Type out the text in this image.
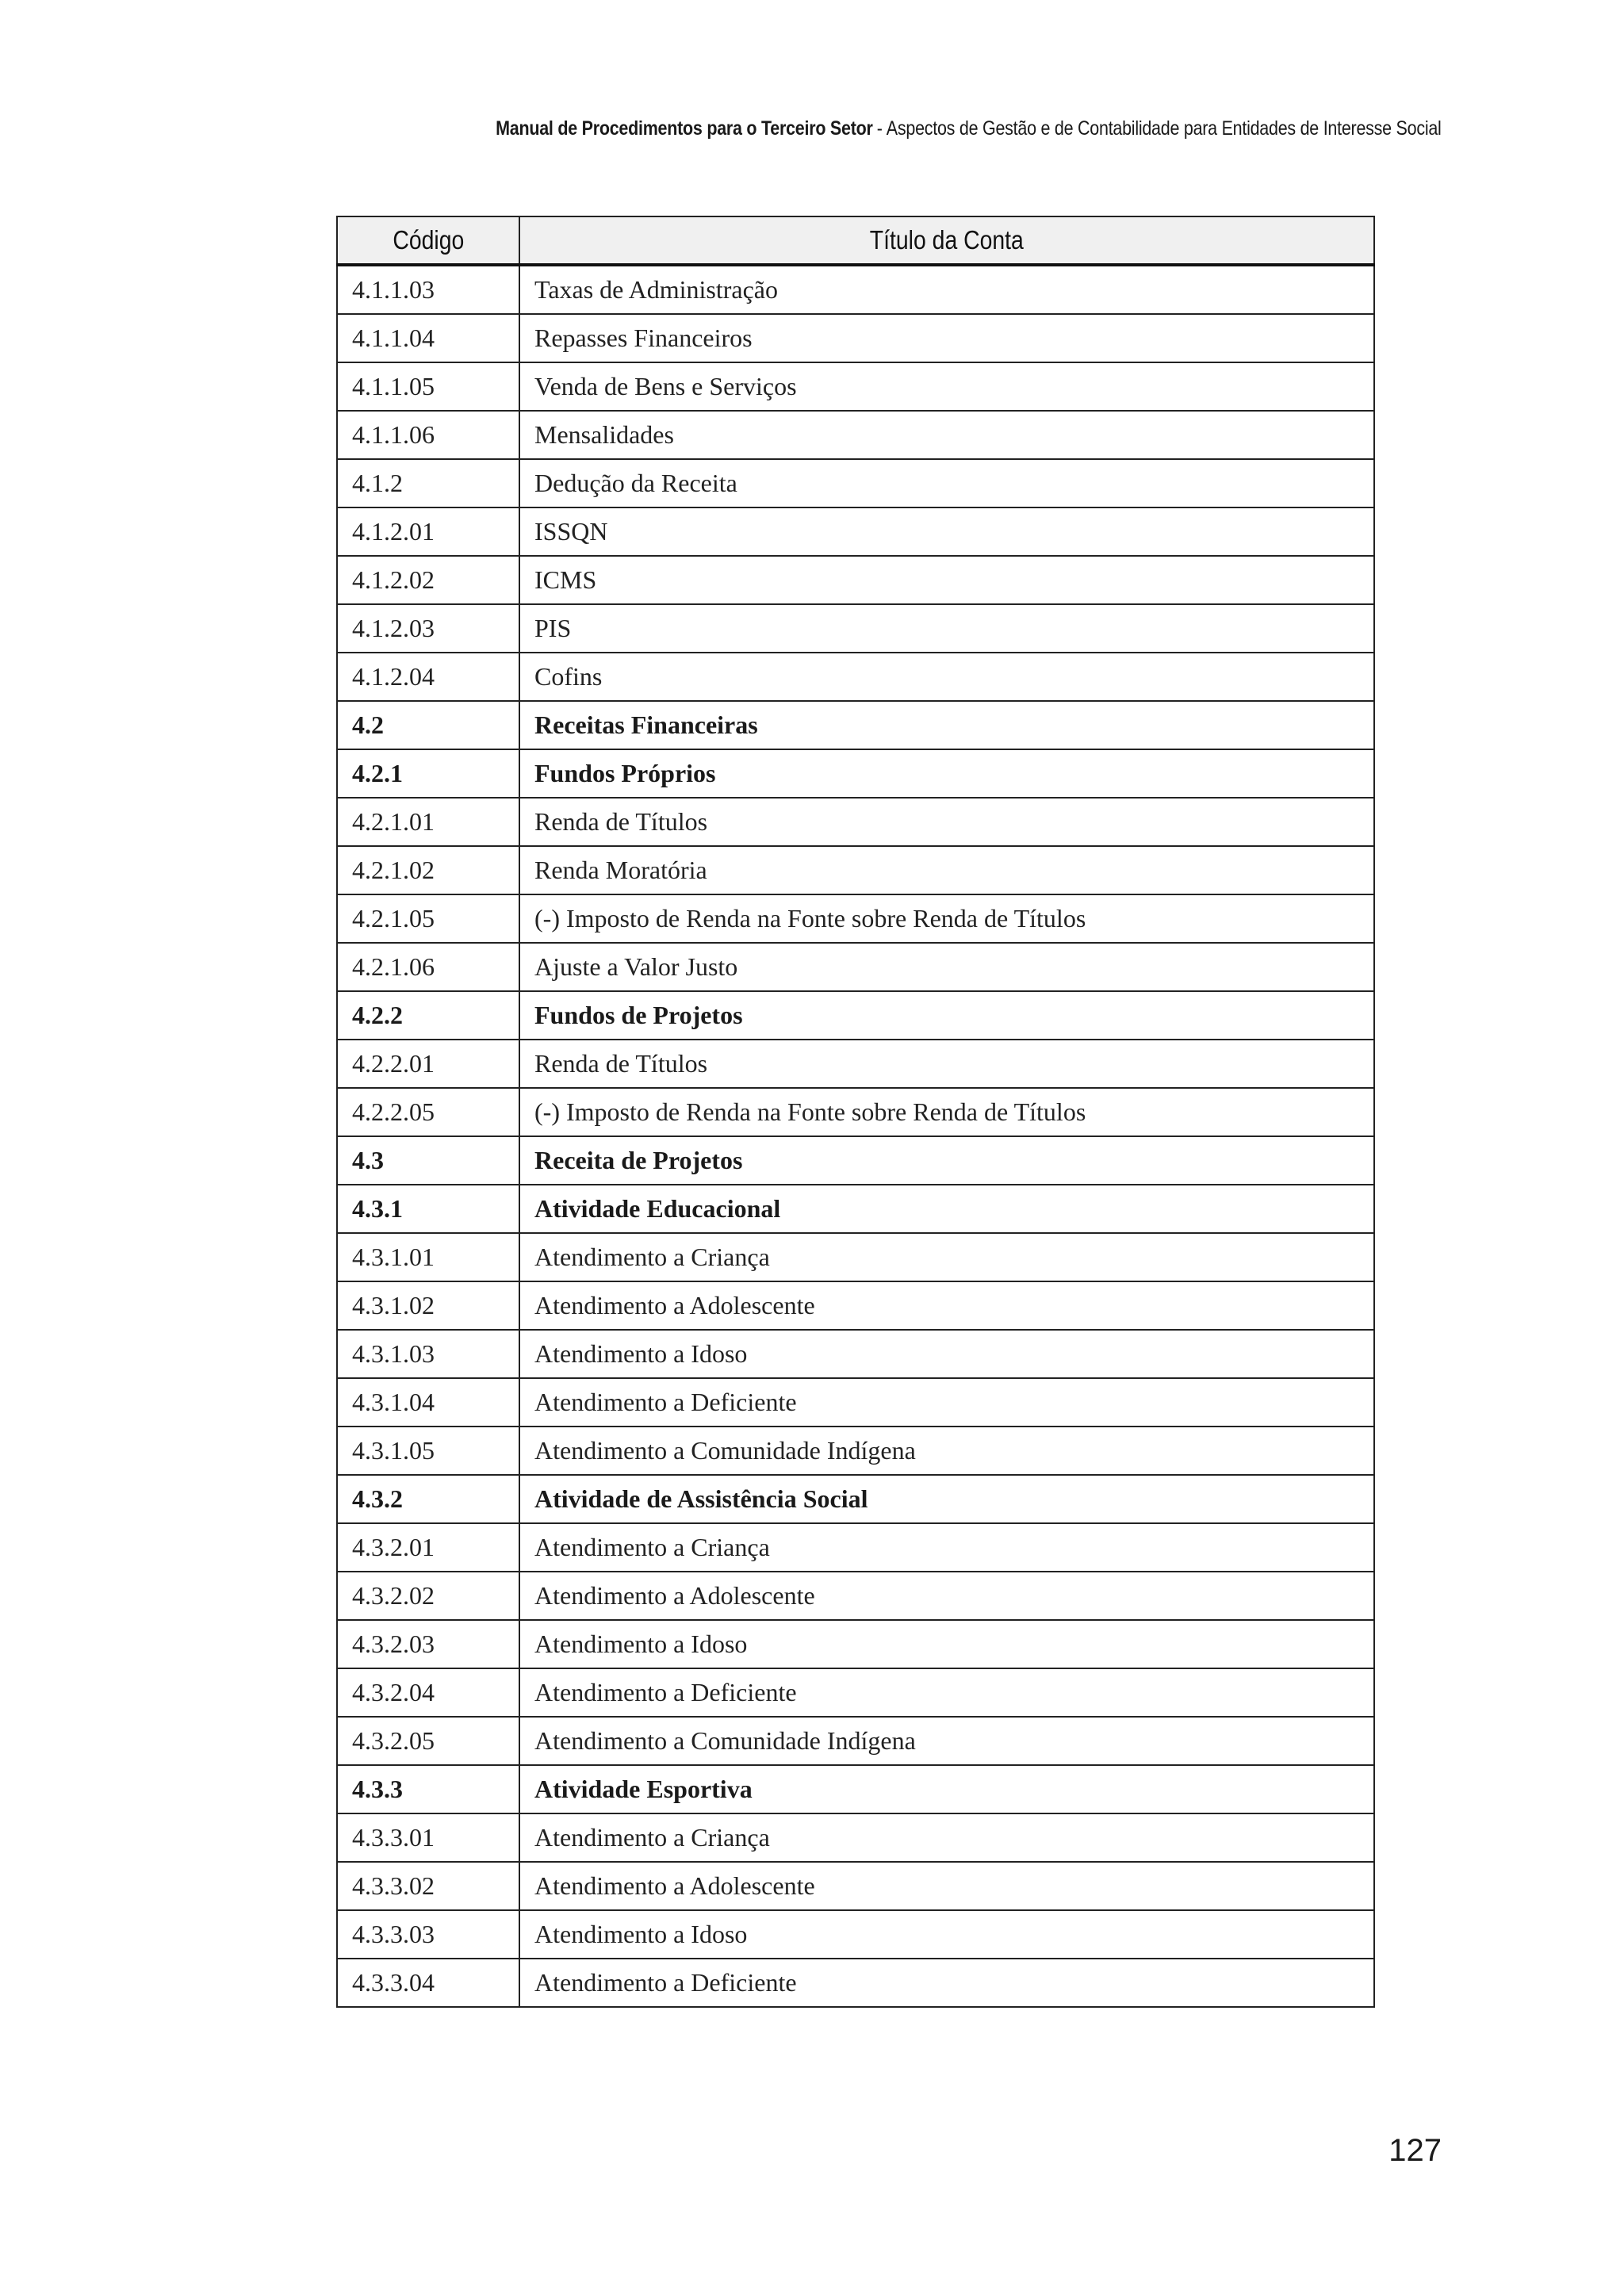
Manual de Procedimentos para o Terceiro Setor - Aspectos de Gestão e de Contabilidade para Entidades de Interesse Social
Código	Título da Conta
4.1.1.03	Taxas de Administração
4.1.1.04	Repasses Financeiros
4.1.1.05	Venda de Bens e Serviços
4.1.1.06	Mensalidades
4.1.2	Dedução da Receita
4.1.2.01	ISSQN
4.1.2.02	ICMS
4.1.2.03	PIS
4.1.2.04	Cofins
4.2	Receitas Financeiras
4.2.1	Fundos Próprios
4.2.1.01	Renda de Títulos
4.2.1.02	Renda Moratória
4.2.1.05	(-) Imposto de Renda na Fonte sobre Renda de Títulos
4.2.1.06	Ajuste a Valor Justo
4.2.2	Fundos de Projetos
4.2.2.01	Renda de Títulos
4.2.2.05	(-) Imposto de Renda na Fonte sobre Renda de Títulos
4.3	Receita de Projetos
4.3.1	Atividade Educacional
4.3.1.01	Atendimento a Criança
4.3.1.02	Atendimento a Adolescente
4.3.1.03	Atendimento a Idoso
4.3.1.04	Atendimento a Deficiente
4.3.1.05	Atendimento a Comunidade Indígena
4.3.2	Atividade de Assistência Social
4.3.2.01	Atendimento a Criança
4.3.2.02	Atendimento a Adolescente
4.3.2.03	Atendimento a Idoso
4.3.2.04	Atendimento a Deficiente
4.3.2.05	Atendimento a Comunidade Indígena
4.3.3	Atividade Esportiva
4.3.3.01	Atendimento a Criança
4.3.3.02	Atendimento a Adolescente
4.3.3.03	Atendimento a Idoso
4.3.3.04	Atendimento a Deficiente
127
